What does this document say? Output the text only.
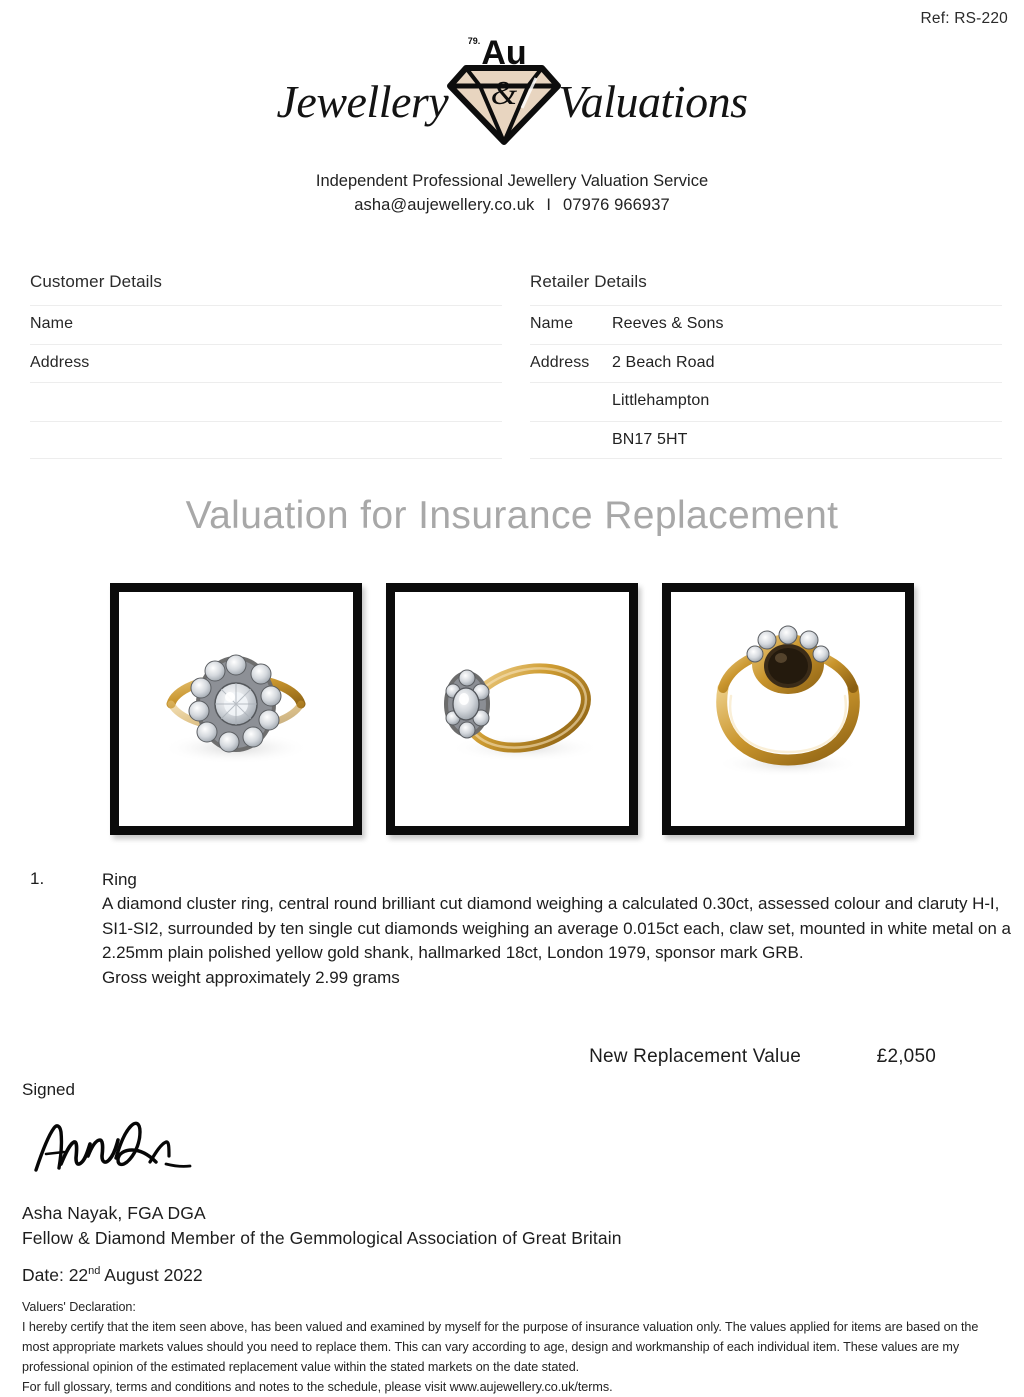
Ref: RS-220
Jewellery
Au
79.
& Valuations
Independent Professional Jewellery Valuation Service
asha@aujewellery.co.uk I 07976 966937
Customer Details
Name
Address
Retailer Details
Name	Reeves & Sons
Address	2 Beach Road
Littlehampton
BN17 5HT
Valuation for Insurance Replacement
1.	Ring
A diamond cluster ring, central round brilliant cut diamond weighing a calculated 0.30ct, assessed colour and claruty H-I, SI1-SI2, surrounded by ten single cut diamonds weighing an average 0.015ct each, claw set, mounted in white metal on a 2.25mm plain polished yellow gold shank, hallmarked 18ct, London 1979, sponsor mark GRB.
Gross weight approximately 2.99 grams
New Replacement Value	£2,050
Signed
Asha Nayak, FGA DGA
Fellow & Diamond Member of the Gemmological Association of Great Britain
Date: 22nd August 2022
Valuers' Declaration:
I hereby certify that the item seen above, has been valued and examined by myself for the purpose of insurance valuation only. The values applied for items are based on the most appropriate markets values should you need to replace them. This can vary according to age, design and workmanship of each individual item. These values are my professional opinion of the estimated replacement value within the stated markets on the date stated.
For full glossary, terms and conditions and notes to the schedule, please visit www.aujewellery.co.uk/terms.
